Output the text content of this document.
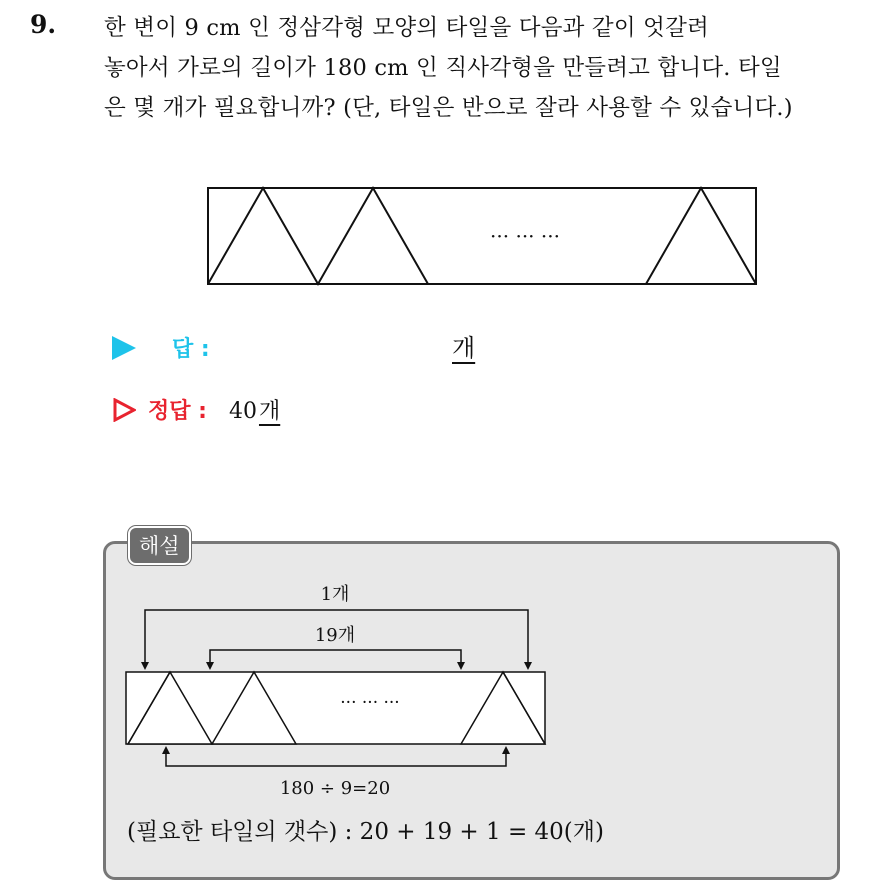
9. 한 변이 9 cm 인 정삼각형 모양의 타일을 다음과 같이 엇갈려
놓아서 가로의 길이가 180 cm 인 직사각형을 만들려고 합니다. 타일
은 몇 개가 필요합니까? (단, 타일은 반으로 잘라 사용할 수 있습니다.)
··· ··· ···
답 :	개
정답 : 40개
해설
1개
19개
··· ··· ···
180 ÷ 9=20
(필요한 타일의 갯수) : 20 + 19 + 1 = 40(개)
